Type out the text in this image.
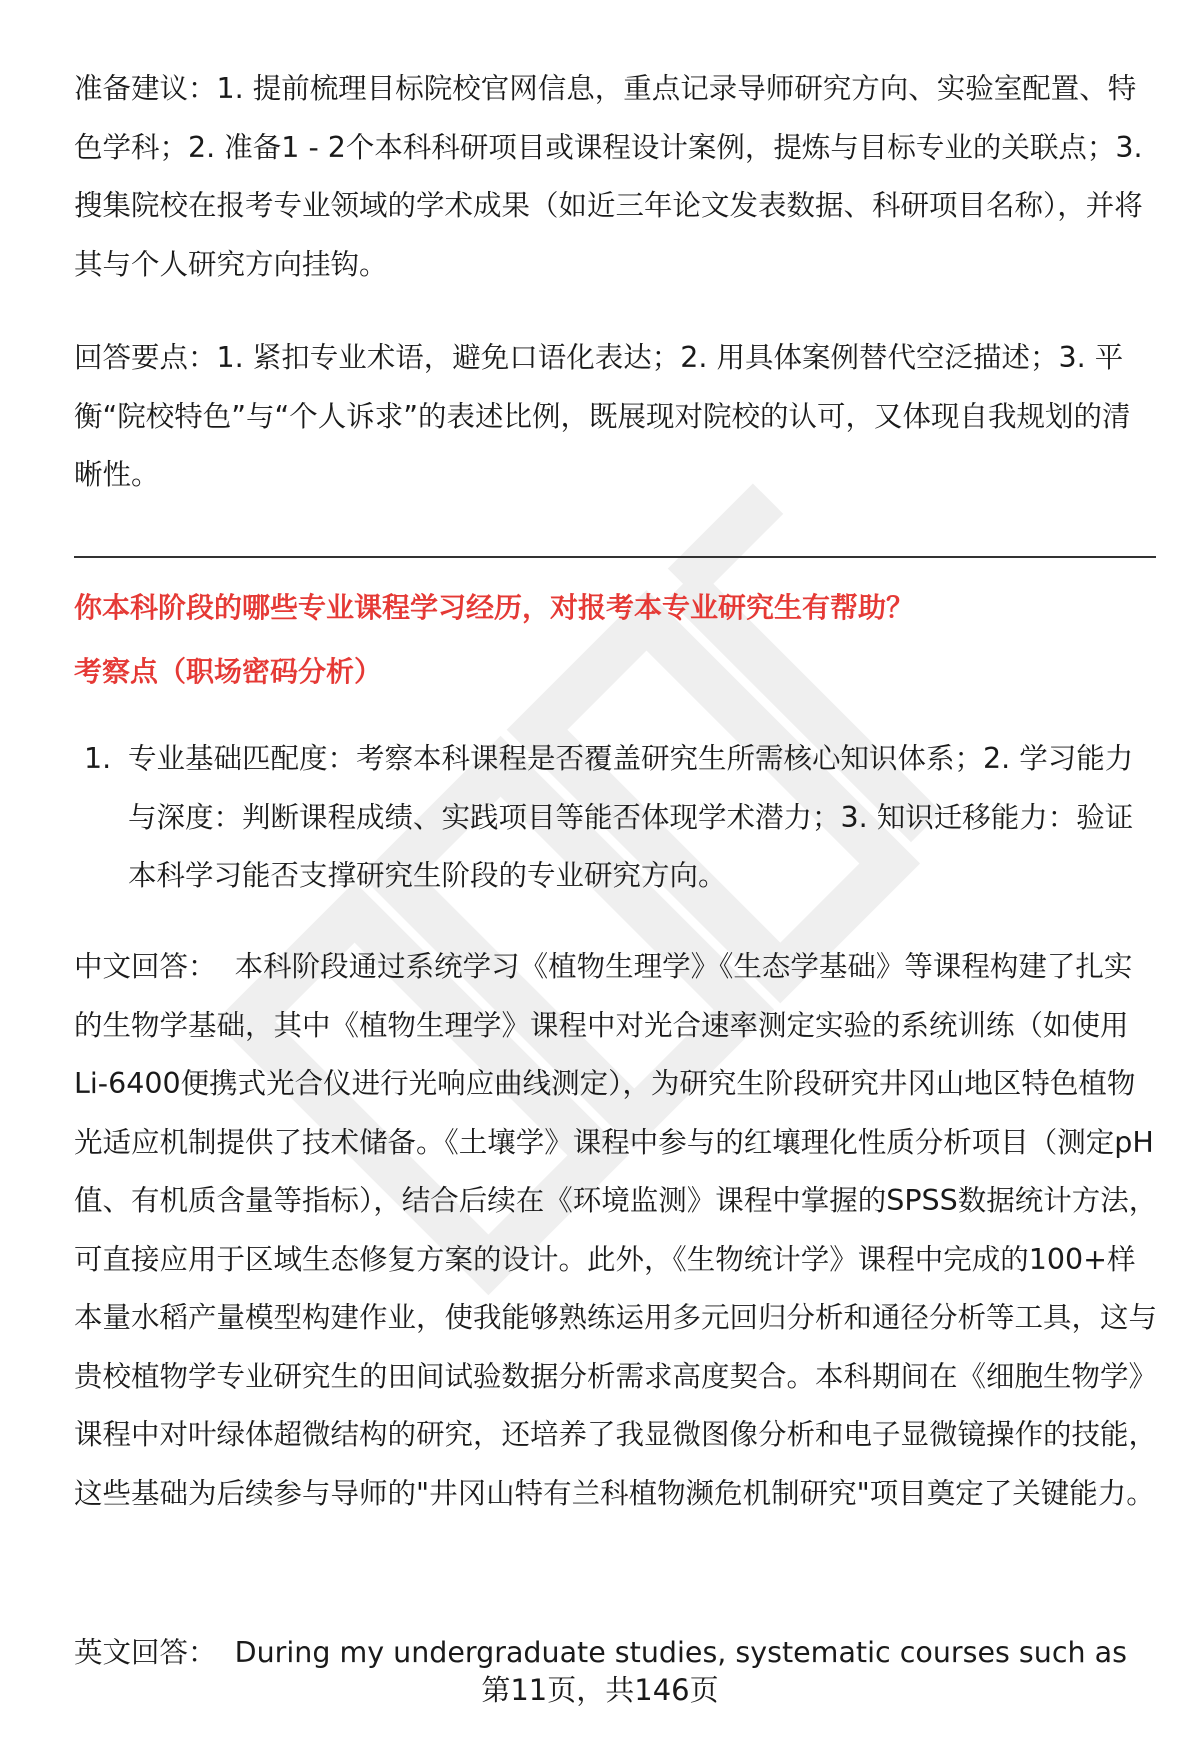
准备建议：1. 提前梳理目标院校官网信息，重点记录导师研究方向、实验室配置、特色学科；2. 准备1 - 2个本科科研项目或课程设计案例，提炼与目标专业的关联点；3. 搜集院校在报考专业领域的学术成果（如近三年论文发表数据、科研项目名称），并将其与个人研究方向挂钩。

回答要点：1. 紧扣专业术语，避免口语化表达；2. 用具体案例替代空泛描述；3. 平衡“院校特色”与“个人诉求”的表述比例，既展现对院校的认可，又体现自我规划的清晰性。

你本科阶段的哪些专业课程学习经历，对报考本专业研究生有帮助？

考察点（职场密码分析）

1. 专业基础匹配度：考察本科课程是否覆盖研究生所需核心知识体系；2. 学习能力与深度：判断课程成绩、实践项目等能否体现学术潜力；3. 知识迁移能力：验证本科学习能否支撑研究生阶段的专业研究方向。

中文回答： 本科阶段通过系统学习《植物生理学》《生态学基础》等课程构建了扎实的生物学基础，其中《植物生理学》课程中对光合速率测定实验的系统训练（如使用Li-6400便携式光合仪进行光响应曲线测定），为研究生阶段研究井冈山地区特色植物光适应机制提供了技术储备。《土壤学》课程中参与的红壤理化性质分析项目（测定pH值、有机质含量等指标），结合后续在《环境监测》课程中掌握的SPSS数据统计方法，可直接应用于区域生态修复方案的设计。此外，《生物统计学》课程中完成的100+样本量水稻产量模型构建作业，使我能够熟练运用多元回归分析和通径分析等工具，这与贵校植物学专业研究生的田间试验数据分析需求高度契合。本科期间在《细胞生物学》课程中对叶绿体超微结构的研究，还培养了我显微图像分析和电子显微镜操作的技能，这些基础为后续参与导师的"井冈山特有兰科植物濒危机制研究"项目奠定了关键能力。

英文回答： During my undergraduate studies, systematic courses such as

第11页，共146页
